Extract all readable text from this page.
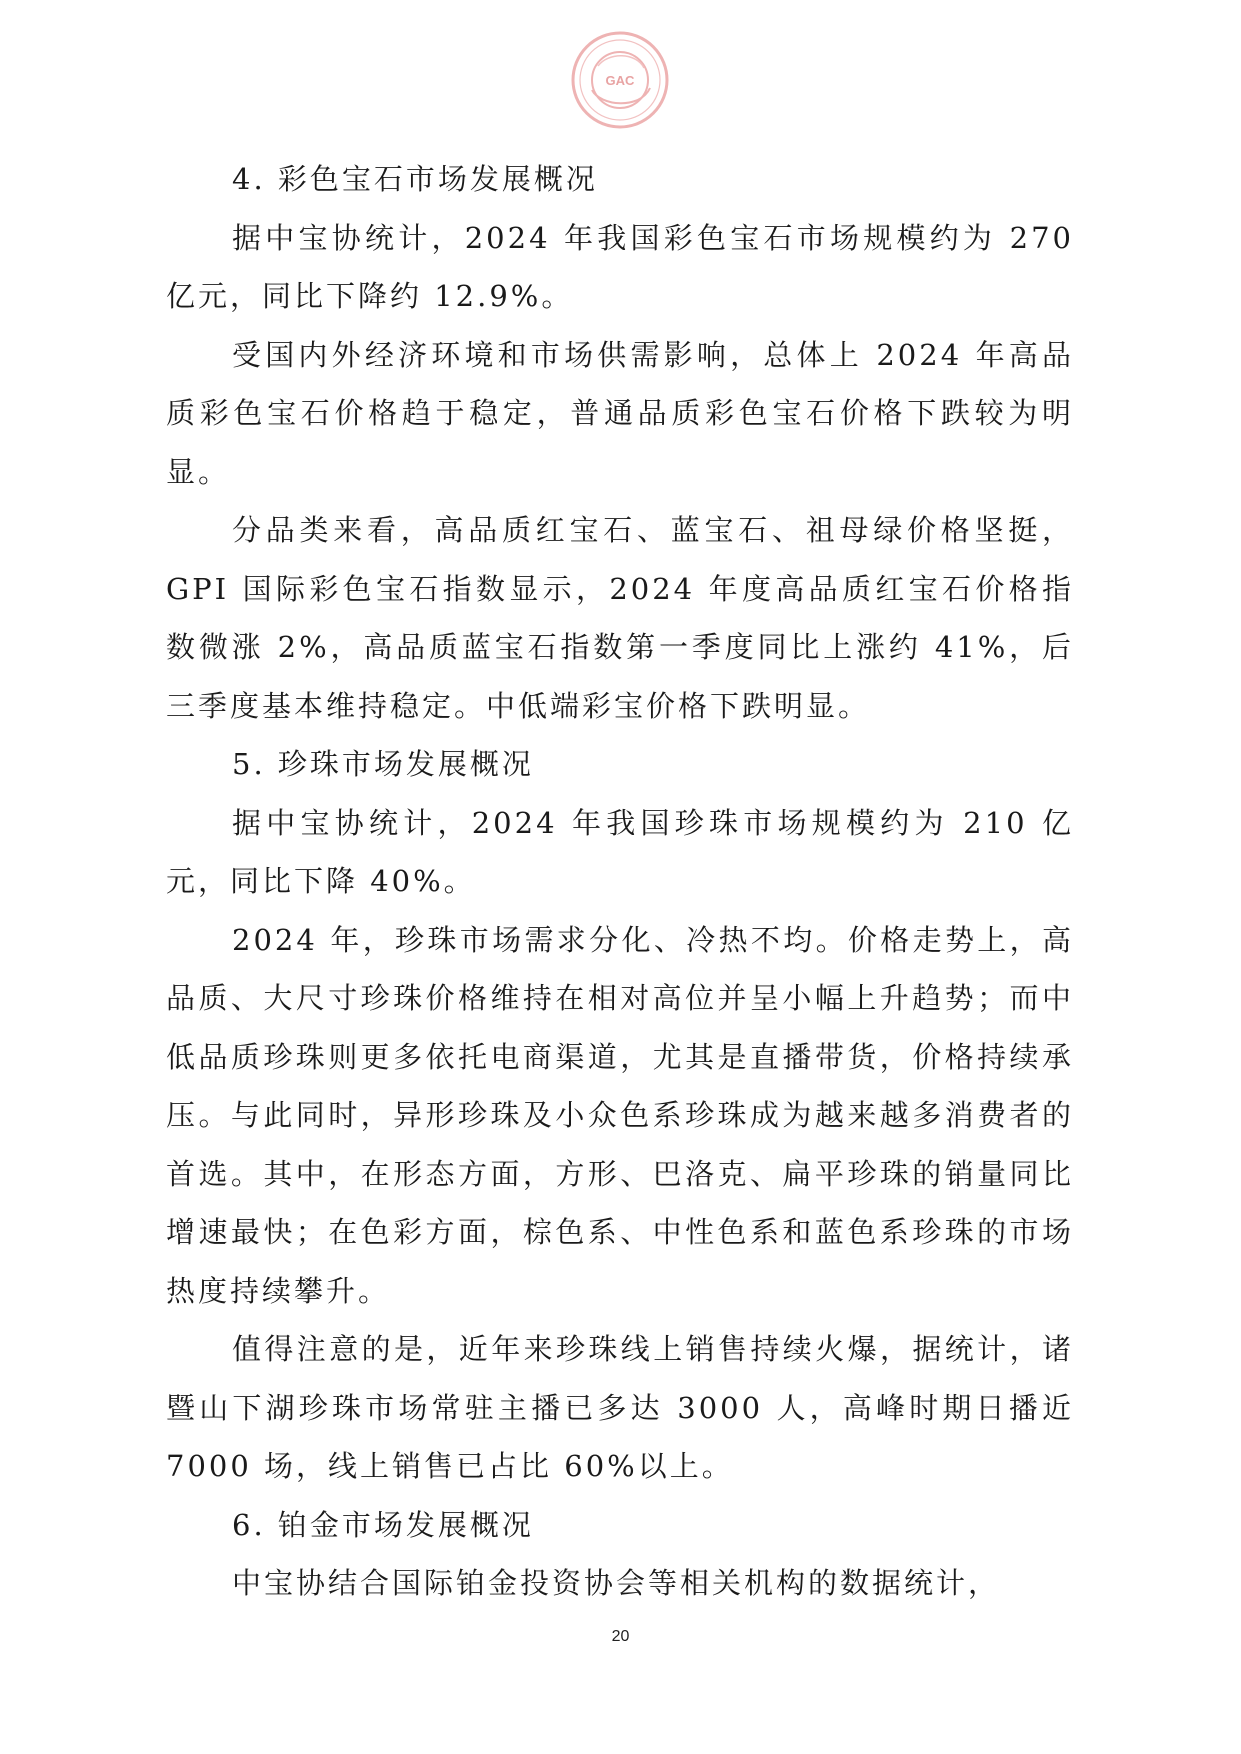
GAC

4. 彩色宝石市场发展概况

据中宝协统计，2024 年我国彩色宝石市场规模约为 270 亿元，同比下降约 12.9%。

受国内外经济环境和市场供需影响，总体上 2024 年高品质彩色宝石价格趋于稳定，普通品质彩色宝石价格下跌较为明显。

分品类来看，高品质红宝石、蓝宝石、祖母绿价格坚挺，GPI 国际彩色宝石指数显示，2024 年度高品质红宝石价格指数微涨 2%，高品质蓝宝石指数第一季度同比上涨约 41%，后三季度基本维持稳定。中低端彩宝价格下跌明显。

5. 珍珠市场发展概况

据中宝协统计，2024 年我国珍珠市场规模约为 210 亿元，同比下降 40%。

2024 年，珍珠市场需求分化、冷热不均。价格走势上，高品质、大尺寸珍珠价格维持在相对高位并呈小幅上升趋势；而中低品质珍珠则更多依托电商渠道，尤其是直播带货，价格持续承压。与此同时，异形珍珠及小众色系珍珠成为越来越多消费者的首选。其中，在形态方面，方形、巴洛克、扁平珍珠的销量同比增速最快；在色彩方面，棕色系、中性色系和蓝色系珍珠的市场热度持续攀升。

值得注意的是，近年来珍珠线上销售持续火爆，据统计，诸暨山下湖珍珠市场常驻主播已多达 3000 人，高峰时期日播近 7000 场，线上销售已占比 60%以上。

6. 铂金市场发展概况

中宝协结合国际铂金投资协会等相关机构的数据统计，

20
